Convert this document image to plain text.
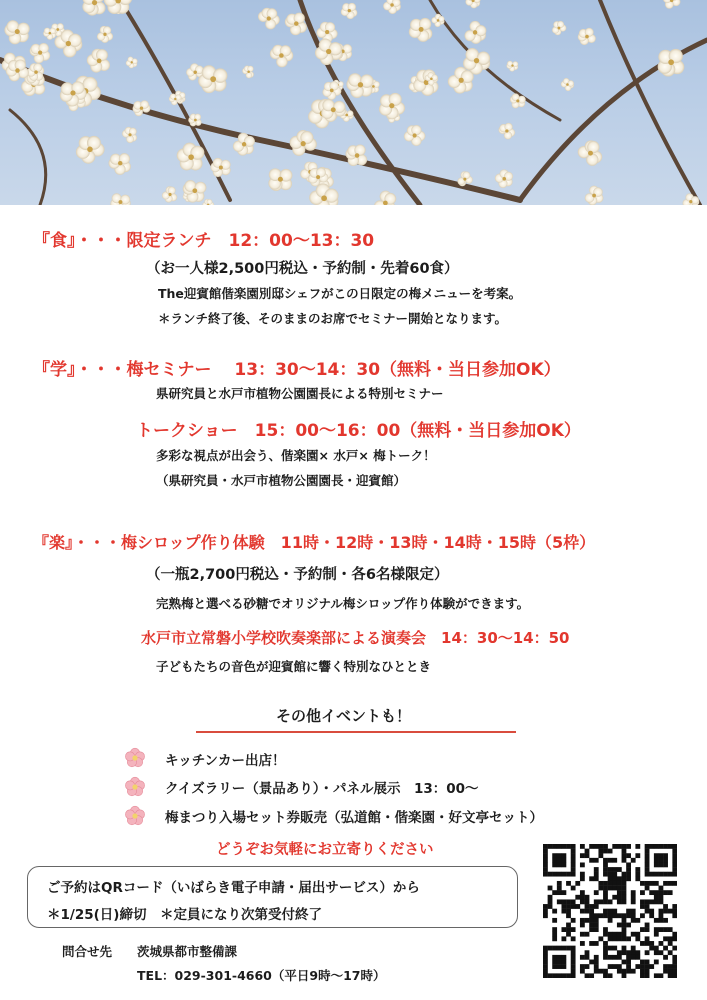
『食』・・・限定ランチ　12：00〜13：30
（お一人様2,500円税込・予約制・先着60食）
The迎賓館偕楽園別邸シェフがこの日限定の梅メニューを考案。
＊ランチ終了後、そのままのお席でセミナー開始となります。
『学』・・・梅セミナー　 13：30〜14：30（無料・当日参加OK）
県研究員と水戸市植物公園園長による特別セミナー
トークショー　15：00〜16：00（無料・当日参加OK）
多彩な視点が出会う、偕楽園× 水戸× 梅トーク！
（県研究員・水戸市植物公園園長・迎賓館）
『楽』・・・梅シロップ作り体験　11時・12時・13時・14時・15時（5枠）
（一瓶2,700円税込・予約制・各6名様限定）
完熟梅と選べる砂糖でオリジナル梅シロップ作り体験ができます。
水戸市立常磐小学校吹奏楽部による演奏会　14：30〜14：50
子どもたちの音色が迎賓館に響く特別なひととき
その他イベントも！
キッチンカー出店！
クイズラリー（景品あり）・パネル展示　13：00〜
梅まつり入場セット券販売（弘道館・偕楽園・好文亭セット）
どうぞお気軽にお立寄りください
ご予約はQRコード（いばらき電子申請・届出サービス）から
＊1/25(日)締切　＊定員になり次第受付終了
問合せ先 茨城県都市整備課
TEL：029-301-4660（平日9時〜17時）
